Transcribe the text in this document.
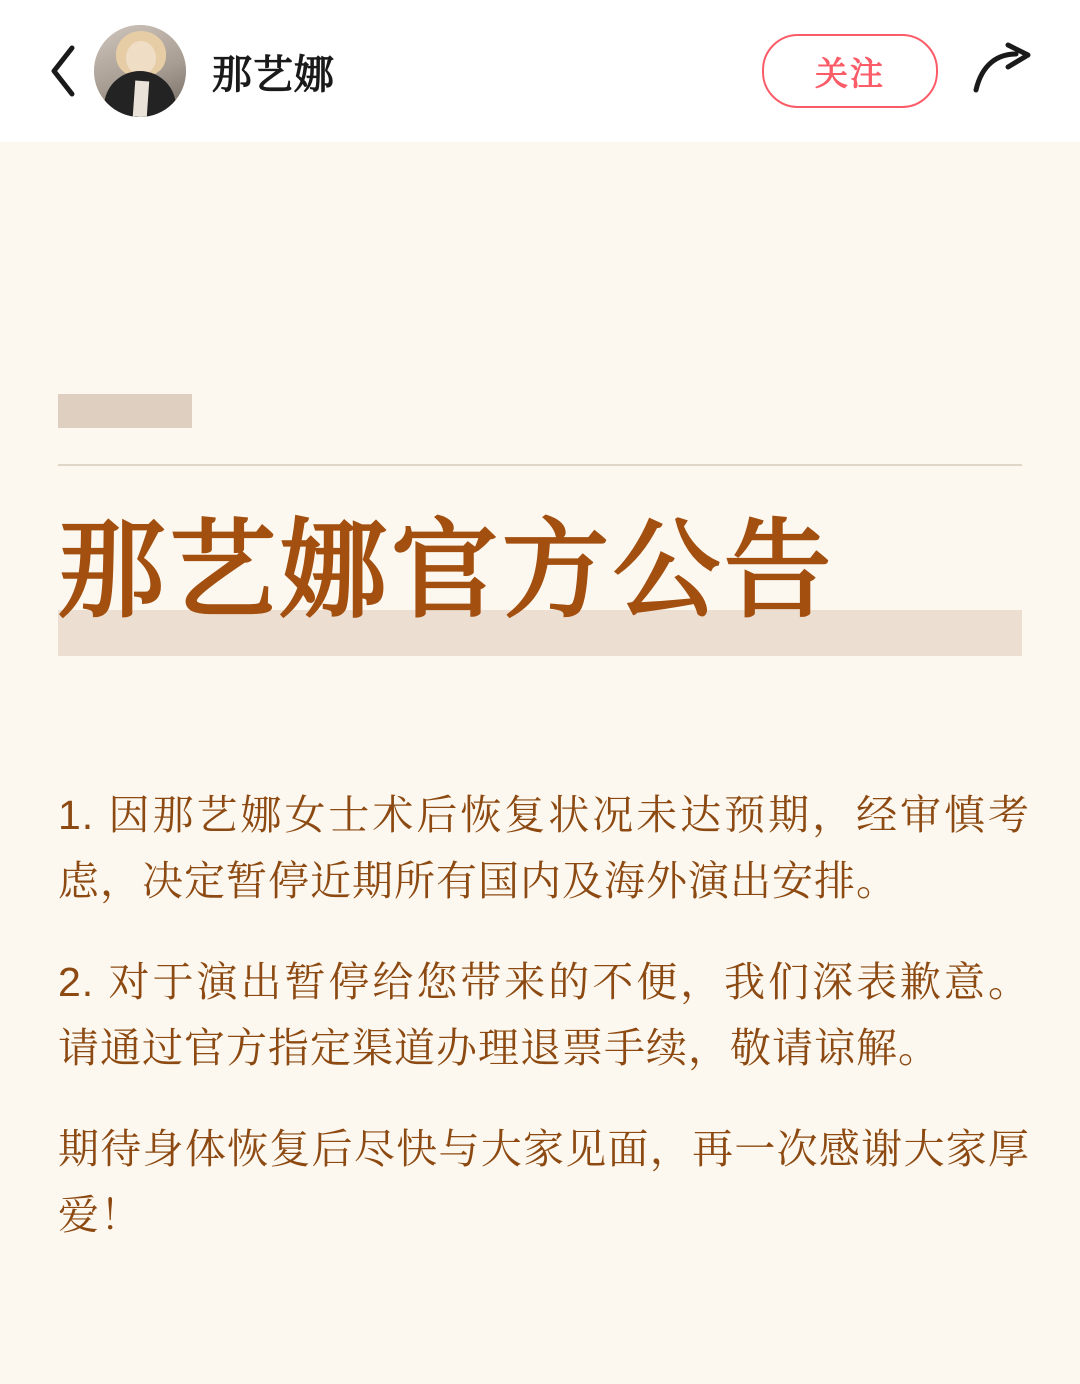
那艺娜	关注
那艺娜官方公告

1. 因那艺娜女士术后恢复状况未达预期，经审慎考虑，决定暂停近期所有国内及海外演出安排。

2. 对于演出暂停给您带来的不便，我们深表歉意。请通过官方指定渠道办理退票手续，敬请谅解。

期待身体恢复后尽快与大家见面，再一次感谢大家厚爱！
